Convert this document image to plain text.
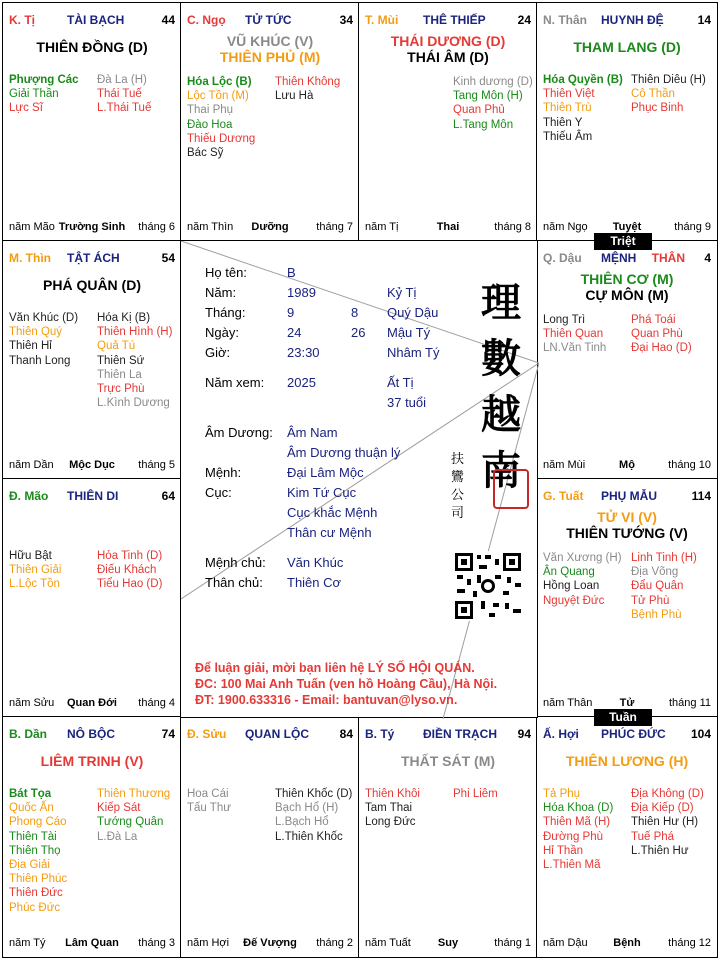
K. Tị	TÀI BẠCH	44
THIÊN ĐỒNG (D)
Phượng Các
Giải Thần
Lực Sĩ
Đà La (H)
Thái Tuế
L.Thái Tuế
năm Mão Trường Sinh	tháng 6
C. Ngọ TỬ TỨC	34
VŨ KHÚC (V)
THIÊN PHỦ (M)
Hóa Lộc (B)
Lộc Tồn (M)
Thai Phụ
Đào Hoa
Thiếu Dương
Bác Sỹ
Thiên Không
Lưu Hà
năm Thìn	Dưỡng	tháng 7
T. Mùi THÊ THIẾP	24
THÁI DƯƠNG (D)
THÁI ÂM (D)
Kinh dương (D)
Tang Môn (H)
Quan Phủ
L.Tang Môn
năm Tị	Thai	tháng 8
N. Thân HUYNH ĐỆ	14
THAM LANG (D)
Hóa Quyền (B)
Thiên Việt
Thiên Trù
Thiên Y
Thiếu Âm
Thiên Diêu (H)
Cô Thần
Phục Binh
năm Ngọ	Tuyệt	tháng 9
M. Thìn TẬT ÁCH	54
PHÁ QUÂN (D)
Văn Khúc (D)
Thiên Quý
Thiên Hỉ
Thanh Long
Hóa Kị (B)
Thiên Hình (H)
Quả Tú
Thiên Sứ
Thiên La
Trực Phù
L.Kình Dương
năm Dần	Mộc Dục	tháng 5
Q. Dậu MỆNH THÂN 4
THIÊN CƠ (M)
CỰ MÔN (M)
Long Trì
Thiên Quan
LN.Văn Tinh
Phá Toái
Quan Phù
Đại Hao (D)
năm Mùi	Mộ	tháng 10
Đ. Mão THIÊN DI	64
Hữu Bật
Thiên Giải
L.Lộc Tồn
Hỏa Tinh (D)
Điếu Khách
Tiểu Hao (D)
năm Sửu	Quan Đới	tháng 4
G. Tuất PHỤ MẪU	114
TỬ VI (V)
THIÊN TƯỚNG (V)
Văn Xương (H)
Ân Quang
Hồng Loan
Nguyệt Đức
Linh Tinh (H)
Địa Võng
Đẩu Quân
Tử Phù
Bệnh Phù
năm Thân	Tử	tháng 11
B. Dần NÔ BỘC	74
LIÊM TRINH (V)
Bát Tọa
Quốc Ấn
Phong Cáo
Thiên Tài
Thiên Thọ
Địa Giải
Thiên Phúc
Thiên Đức
Phúc Đức
Thiên Thương
Kiếp Sát
Tướng Quân
L.Đà La
năm Tý	Lâm Quan	tháng 3
Đ. Sửu QUAN LỘC	84
Hoa Cái
Tấu Thư
Thiên Khốc (D)
Bạch Hổ (H)
L.Bạch Hổ
L.Thiên Khốc
năm Hợi	Đế Vượng	tháng 2
B. Tý ĐIỀN TRẠCH 94
THẤT SÁT (M)
Thiên Khôi
Tam Thai
Long Đức
Phi Liêm
năm Tuất	Suy	tháng 1
Ấ. Hợi PHÚC ĐỨC 104
THIÊN LƯƠNG (H)
Tả Phụ
Hóa Khoa (D)
Thiên Mã (H)
Đường Phù
Hỉ Thần
L.Thiên Mã
Địa Không (D)
Địa Kiếp (D)
Thiên Hư (H)
Tuế Phá
L.Thiên Hư
năm Dậu	Bệnh	tháng 12
Họ tên:	B
Năm:	1989	Kỷ Tị
Tháng:	9	8 Quý Dậu
Ngày:	24	26 Mậu Tý
Giờ:	23:30	Nhâm Tý
Năm xem: 2025	Ất Tị
37 tuổi
Âm Dương: Âm Nam
Âm Dương thuận lý
Mệnh:	Đại Lâm Mộc
Cục:	Kim Tứ Cục
Cục khắc Mệnh
Thân cư Mệnh
Mệnh chủ: Văn Khúc
Thân chủ: Thiên Cơ
理
數
越
南
扶鸞公司
Để luận giải, mời bạn liên hệ LÝ SỐ HỘI QUÁN.
ĐC: 100 Mai Anh Tuấn (ven hồ Hoàng Cầu), Hà Nội.
ĐT: 1900.633316 - Email: bantuvan@lyso.vn.
Triệt
Tuần
